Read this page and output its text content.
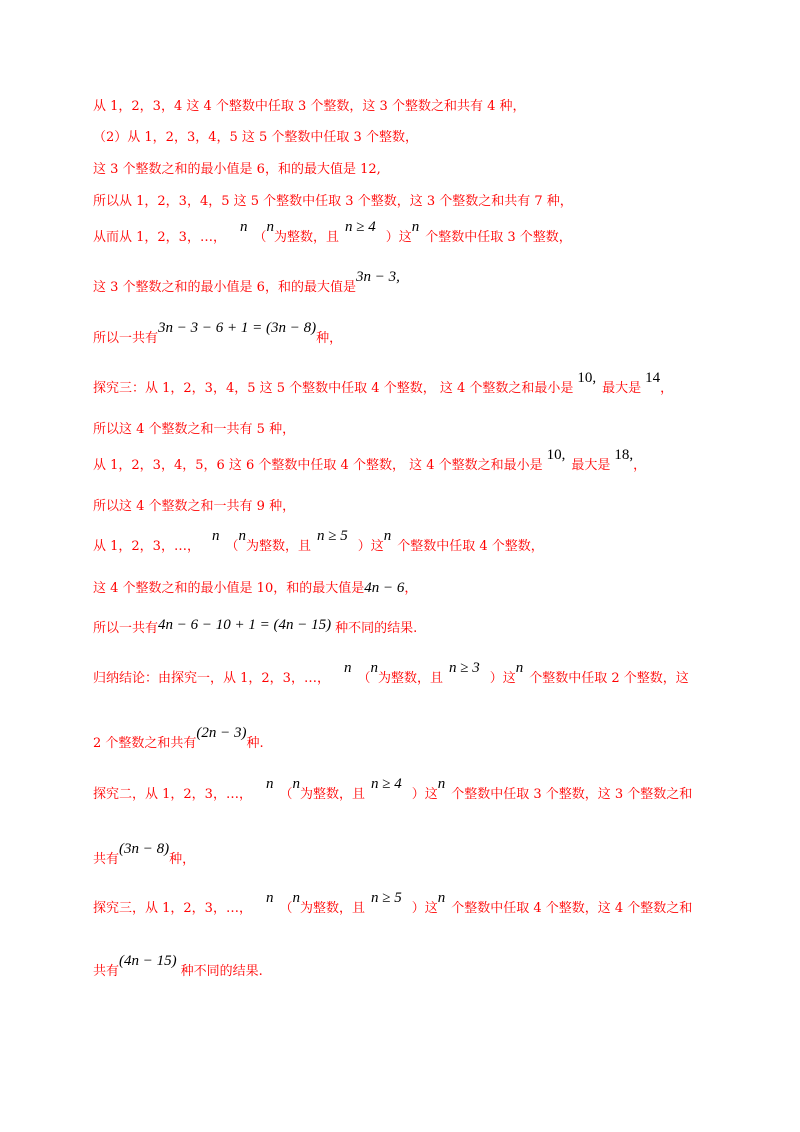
从 1，2，3，4 这 4 个整数中任取 3 个整数，这 3 个整数之和共有 4 种，
（2）从 1，2，3，4，5 这 5 个整数中任取 3 个整数，
这 3 个整数之和的最小值是 6，和的最大值是 12,
所以从 1，2，3，4，5 这 5 个整数中任取 3 个整数，这 3 个整数之和共有 7 种，
从而从 1，2，3，…，n（n为整数，且n ≥ 4）这n个整数中任取 3 个整数，
这 3 个整数之和的最小值是 6，和的最大值是3n − 3,
所以一共有3n − 3 − 6 + 1 = (3n − 8)种，
探究三：从 1，2，3，4，5 这 5 个整数中任取 4 个整数， 这 4 个整数之和最小是10,最大是14，
所以这 4 个整数之和一共有 5 种，
从 1，2，3，4，5，6 这 6 个整数中任取 4 个整数， 这 4 个整数之和最小是10,最大是18,，
所以这 4 个整数之和一共有 9 种，
从 1，2，3，…，n（n为整数，且n ≥ 5）这n个整数中任取 4 个整数，
这 4 个整数之和的最小值是 10，和的最大值是4n − 6，
所以一共有4n − 6 − 10 + 1 = (4n − 15) 种不同的结果.
归纳结论：由探究一，从 1，2，3，…，n（n为整数，且n ≥ 3）这n个整数中任取 2 个整数，这
2 个整数之和共有(2n − 3)种.
探究二，从 1，2，3，…，n（n为整数，且n ≥ 4）这n个整数中任取 3 个整数，这 3 个整数之和
共有(3n − 8)种，
探究三，从 1，2，3，…，n（n为整数，且n ≥ 5）这n个整数中任取 4 个整数，这 4 个整数之和
共有(4n − 15)种不同的结果.
